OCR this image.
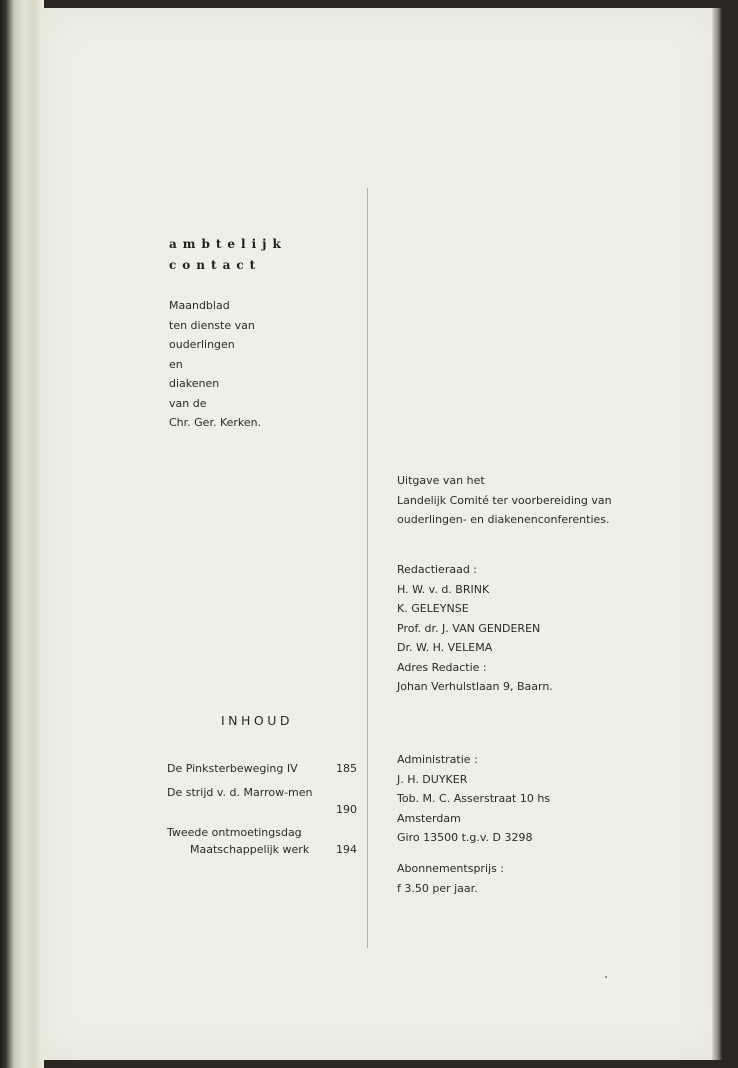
ambtelijk
contact
Maandblad
ten dienste van
ouderlingen
en
diakenen
van de
Chr. Ger. Kerken.
Uitgave van het
Landelijk Comité ter voorbereiding van
ouderlingen- en diakenenconferenties.
Redactieraad :
H. W. v. d. BRINK
K. GELEYNSE
Prof. dr. J. VAN GENDEREN
Dr. W. H. VELEMA
Adres Redactie :
Johan Verhulstlaan 9, Baarn.
INHOUD
De Pinksterbeweging IV	185
De strijd v. d. Marrow-men
190
Tweede ontmoetingsdag
Maatschappelijk werk 194
Administratie :
J. H. DUYKER
Tob. M. C. Asserstraat 10 hs
Amsterdam
Giro 13500 t.g.v. D 3298
Abonnementsprijs :
f 3.50 per jaar.
